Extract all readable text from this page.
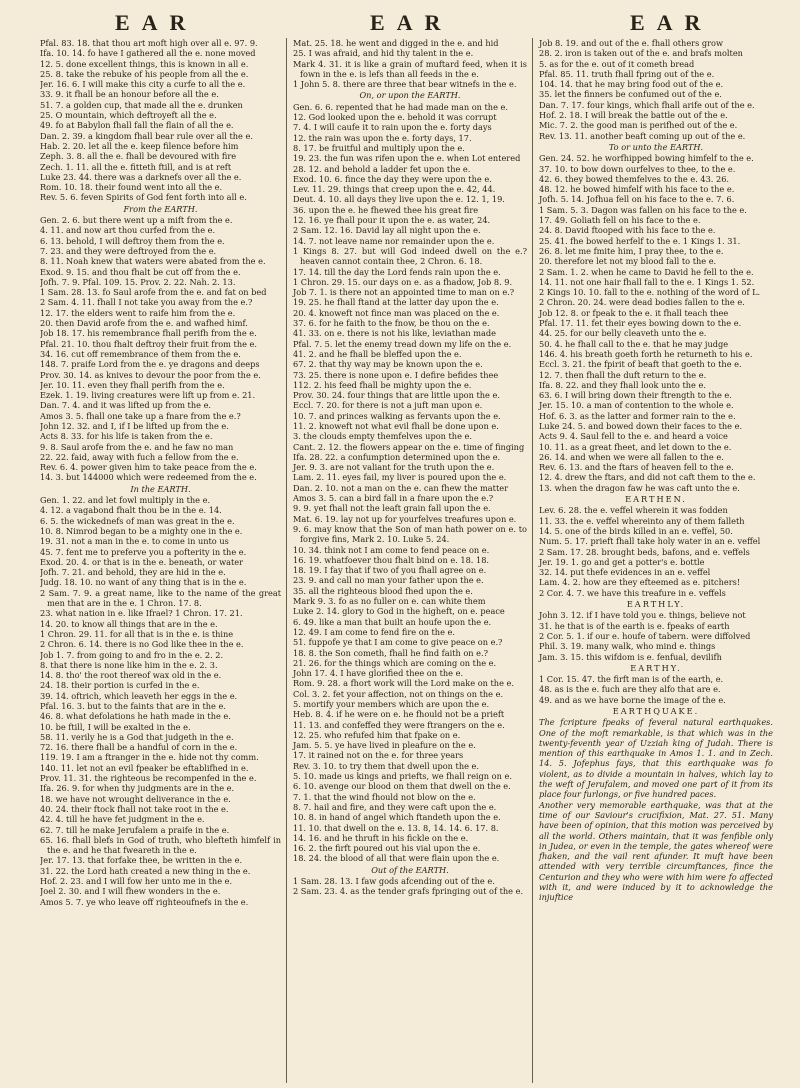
EAR	EAR	EAR

Pfal. 83. 18. that thou art moft high over all e. 97. 9.

Ifa. 10. 14. fo have I gathered all the e. none moved

12. 5. done excellent things, this is known in all e.

25. 8. take the rebuke of his people from all the e.

Jer. 16. 6. I will make this city a curfe to all the e.

33. 9. it fhall be an honour before all the e.

51. 7. a golden cup, that made all the e. drunken

25. O mountain, which deftroyeft all the e.

49. fo at Babylon fhall fall the flain of all the e.

Dan. 2. 39. a kingdom fhall bear rule over all the e.

Hab. 2. 20. let all the e. keep filence before him

Zeph. 3. 8. all the e. fhall be devoured with fire

Zech. 1. 11. all the e. fitteth ftill, and is at reft

Luke 23. 44. there was a darknefs over all the e.

Rom. 10. 18. their found went into all the e.

Rev. 5. 6. feven Spirits of God fent forth into all e.

From the EARTH.

Gen. 2. 6. but there went up a mift from the e.

4. 11. and now art thou curfed from the e.

6. 13. behold, I will deftroy them from the e.

7. 23. and they were deftroyed from the e.

8. 11. Noah knew that waters were abated from the e.

Exod. 9. 15. and thou fhalt be cut off from the e.

Jofh. 7. 9. Pfal. 109. 15. Prov. 2. 22. Nah. 2. 13.

1 Sam. 28. 13. fo Saul arofe from the e. and fat on bed

2 Sam. 4. 11. fhall I not take you away from the e.?

12. 17. the elders went to raife him from the e.

20. then David arofe from the e. and wafhed himf.

Job 18. 17. his remembrance fhall perifh from the e.

Pfal. 21. 10. thou fhalt deftroy their fruit from the e.

34. 16. cut off remembrance of them from the e.

148. 7. praife Lord from the e. ye dragons and deeps

Prov. 30. 14. as knives to devour the poor from the e.

Jer. 10. 11. even they fhall perifh from the e.

Ezek. 1. 19. living creatures were lift up from e. 21.

Dan. 7. 4. and it was lifted up from the e.

Amos 3. 5. fhall one take up a fnare from the e.?

John 12. 32. and I, if I be lifted up from the e.

Acts 8. 33. for his life is taken from the e.

9. 8. Saul arofe from the e. and he faw no man

22. 22. faid, away with fuch a fellow from the e.

Rev. 6. 4. power given him to take peace from the e.

14. 3. but 144000 which were redeemed from the e.

In the EARTH.

Gen. 1. 22. and let fowl multiply in the e.

4. 12. a vagabond fhalt thou be in the e. 14.

6. 5. the wickednefs of man was great in the e.

10. 8. Nimrod began to be a mighty one in the e.

19. 31. not a man in the e. to come in unto us

45. 7. fent me to preferve you a pofterity in the e.

Exod. 20. 4. or that is in the e. beneath, or water

Jofh. 7. 21. and behold, they are hid in the e.

Judg. 18. 10. no want of any thing that is in the e.

2 Sam. 7. 9. a great name, like to the name of the great men that are in the e. 1 Chron. 17. 8.

23. what nation in e. like Ifrael? 1 Chron. 17. 21.

14. 20. to know all things that are in the e.

1 Chron. 29. 11. for all that is in the e. is thine

2 Chron. 6. 14. there is no God like thee in the e.

Job 1. 7. from going to and fro in the e. 2. 2.

8. that there is none like him in the e. 2. 3.

14. 8. tho' the root thereof wax old in the e.

24. 18. their portion is curfed in the e.

39. 14. oftrich, which leaveth her eggs in the e.

Pfal. 16. 3. but to the faints that are in the e.

46. 8. what defolations he hath made in the e.

10. be ftill, I will be exalted in the e.

58. 11. verily he is a God that judgeth in the e.

72. 16. there fhall be a handful of corn in the e.

119. 19. I am a ftranger in the e. hide not thy comm.

140. 11. let not an evil fpeaker be eftablifhed in e.

Prov. 11. 31. the righteous be recompenfed in the e.

Ifa. 26. 9. for when thy judgments are in the e.

18. we have not wrought deliverance in the e.

40. 24. their ftock fhall not take root in the e.

42. 4. till he have fet judgment in the e.

62. 7. till he make Jerufalem a praife in the e.

65. 16. fhall blefs in God of truth, who blefteth himfelf in the e. and he that fweareth in the e.

Jer. 17. 13. that forfake thee, be written in the e.

31. 22. the Lord hath created a new thing in the e.

Hof. 2. 23. and I will fow her unto me in the e.

Joel 2. 30. and I will fhew wonders in the e.

Amos 5. 7. ye who leave off righteoufnefs in the e.

Mat. 25. 18. he went and digged in the e. and hid

25. I was afraid, and hid thy talent in the e.

Mark 4. 31. it is like a grain of muftard feed, when it is fown in the e. is lefs than all feeds in the e.

1 John 5. 8. there are three that bear witnefs in the e.

On, or upon the EARTH.

Gen. 6. 6. repented that he had made man on the e.

12. God looked upon the e. behold it was corrupt

7. 4. I will caufe it to rain upon the e. forty days

12. the rain was upon the e. forty days, 17.

8. 17. be fruitful and multiply upon the e.

19. 23. the fun was rifen upon the e. when Lot entered

28. 12. and behold a ladder fet upon the e.

Exod. 10. 6. fince the day they were upon the e.

Lev. 11. 29. things that creep upon the e. 42, 44.

Deut. 4. 10. all days they live upon the e. 12. 1, 19.

36. upon the e. he fhewed thee his great fire

12. 16. ye fhall pour it upon the e. as water, 24.

2 Sam. 12. 16. David lay all night upon the e.

14. 7. not leave name nor remainder upon the e.

1 Kings 8. 27. but will God indeed dwell on the e.? heaven cannot contain thee, 2 Chron. 6. 18.

17. 14. till the day the Lord fends rain upon the e.

1 Chron. 29. 15. our days on e. as a fhadow, Job 8. 9.

Job 7. 1. is there not an appointed time to man on e.?

19. 25. he fhall ftand at the latter day upon the e.

20. 4. knoweft not fince man was placed on the e.

37. 6. for he faith to the fnow, be thou on the e.

41. 33. on e. there is not his like, leviathan made

Pfal. 7. 5. let the enemy tread down my life on the e.

41. 2. and he fhall be bleffed upon the e.

67. 2. that thy way may be known upon the e.

73. 25. there is none upon e. I defire befides thee

112. 2. his feed fhall be mighty upon the e.

Prov. 30. 24. four things that are little upon the e.

Eccl. 7. 20. for there is not a juft man upon e.

10. 7. and princes walking as fervants upon the e.

11. 2. knoweft not what evil fhall be done upon e.

3. the clouds empty themfelves upon the e.

Cant. 2. 12. the flowers appear on the e. time of finging

Ifa. 28. 22. a confumption determined upon the e.

Jer. 9. 3. are not valiant for the truth upon the e.

Lam. 2. 11. eyes fail, my liver is poured upon the e.

Dan. 2. 10. not a man on the e. can fhew the matter

Amos 3. 5. can a bird fall in a fnare upon the e.?

9. 9. yet fhall not the leaft grain fall upon the e.

Mat. 6. 19. lay not up for yourfelves treafures upon e.

9. 6. may know that the Son of man hath power on e. to forgive fins, Mark 2. 10. Luke 5. 24.

10. 34. think not I am come to fend peace on e.

16. 19. whatfoever thou fhalt bind on e. 18. 18.

18. 19. I fay that if two of you fhall agree on e.

23. 9. and call no man your father upon the e.

35. all the righteous blood fhed upon the e.

Mark 9. 3. fo as no fuller on e. can white them

Luke 2. 14. glory to God in the higheft, on e. peace

6. 49. like a man that built an houfe upon the e.

12. 49. I am come to fend fire on the e.

51. fuppofe ye that I am come to give peace on e.?

18. 8. the Son cometh, fhall he find faith on e.?

21. 26. for the things which are coming on the e.

John 17. 4. I have glorified thee on the e.

Rom. 9. 28. a fhort work will the Lord make on the e.

Col. 3. 2. fet your affection, not on things on the e.

5. mortify your members which are upon the e.

Heb. 8. 4. if he were on e. he fhould not be a prieft

11. 13. and confeffed they were ftrangers on the e.

12. 25. who refufed him that fpake on e.

Jam. 5. 5. ye have lived in pleafure on the e.

17. it rained not on the e. for three years

Rev. 3. 10. to try them that dwell upon the e.

5. 10. made us kings and priefts, we fhall reign on e.

6. 10. avenge our blood on them that dwell on the e.

7. 1. that the wind fhould not blow on the e.

8. 7. hail and fire, and they were caft upon the e.

10. 8. in hand of angel which ftandeth upon the e.

11. 10. that dwell on the e. 13. 8, 14. 14. 6. 17. 8.

14. 16. and he thruft in his fickle on the e.

16. 2. the firft poured out his vial upon the e.

18. 24. the blood of all that were flain upon the e.

Out of the EARTH.

1 Sam. 28. 13. I faw gods afcending out of the e.

2 Sam. 23. 4. as the tender grafs fpringing out of the e.

Job 8. 19. and out of the e. fhall others grow

28. 2. iron is taken out of the e. and brafs molten

5. as for the e. out of it cometh bread

Pfal. 85. 11. truth fhall fpring out of the e.

104. 14. that he may bring food out of the e.

35. let the finners be confumed out of the e.

Dan. 7. 17. four kings, which fhall arife out of the e.

Hof. 2. 18. I will break the battle out of the e.

Mic. 7. 2. the good man is perifhed out of the e.

Rev. 13. 11. another beaft coming up out of the e.

To or unto the EARTH.

Gen. 24. 52. he worfhipped bowing himfelf to the e.

37. 10. to bow down ourfelves to thee, to the e.

42. 6. they bowed themfelves to the e. 43. 26.

48. 12. he bowed himfelf with his face to the e.

Jofh. 5. 14. Jofhua fell on his face to the e. 7. 6.

1 Sam. 5. 3. Dagon was fallen on his face to the e.

17. 49. Goliath fell on his face to the e.

24. 8. David ftooped with his face to the e.

25. 41. fhe bowed herfelf to the e. 1 Kings 1. 31.

26. 8. let me fmite him, I pray thee, to the e.

20. therefore let not my blood fall to the e.

2 Sam. 1. 2. when he came to David he fell to the e.

14. 11. not one hair fhall fall to the e. 1 Kings 1. 52.

2 Kings 10. 10. fall to the e. nothing of the word of L.

2 Chron. 20. 24. were dead bodies fallen to the e.

Job 12. 8. or fpeak to the e. it fhall teach thee

Pfal. 17. 11. fet their eyes bowing down to the e.

44. 25. for our belly cleaveth unto the e.

50. 4. he fhall call to the e. that he may judge

146. 4. his breath goeth forth he returneth to his e.

Eccl. 3. 21. the fpirit of beaft that goeth to the e.

12. 7. then fhall the duft return to the e.

Ifa. 8. 22. and they fhall look unto the e.

63. 6. I will bring down their ftrength to the e.

Jer. 15. 10. a man of contention to the whole e.

Hof. 6. 3. as the latter and former rain to the e.

Luke 24. 5. and bowed down their faces to the e.

Acts 9. 4. Saul fell to the e. and heard a voice

10. 11. as a great fheet, and let down to the e.

26. 14. and when we were all fallen to the e.

Rev. 6. 13. and the ftars of heaven fell to the e.

12. 4. drew the ftars, and did not caft them to the e.

13. when the dragon faw he was caft unto the e.

EARTHEN.

Lev. 6. 28. the e. veffel wherein it was fodden

11. 33. the e. veffel whereinto any of them falleth

14. 5. one of the birds killed in an e. veffel, 50.

Num. 5. 17. prieft fhall take holy water in an e. veffel

2 Sam. 17. 28. brought beds, bafons, and e. veffels

Jer. 19. 1. go and get a potter's e. bottle

32. 14. put thefe evidences in an e. veffel

Lam. 4. 2. how are they efteemed as e. pitchers!

2 Cor. 4. 7. we have this treafure in e. veffels

EARTHLY.

John 3. 12. if I have told you e. things, believe not

31. he that is of the earth is e. fpeaks of earth

2 Cor. 5. 1. if our e. houfe of tabern. were diffolved

Phil. 3. 19. many walk, who mind e. things

Jam. 3. 15. this wifdom is e. fenfual, devilifh

EARTHY.

1 Cor. 15. 47. the firft man is of the earth, e.

48. as is the e. fuch are they alfo that are e.

49. and as we have borne the image of the e.

EARTHQUAKE.

The fcripture fpeaks of feveral natural earthquakes. One of the moft remarkable, is that which was in the twenty-feventh year of Uzziah king of Judah. There is mention of this earthquake in Amos 1. 1. and in Zech. 14. 5. Jofephus fays, that this earthquake was fo violent, as to divide a mountain in halves, which lay to the weft of Jerufalem, and moved one part of it from its place four furlongs, or five hundred paces.

Another very memorable earthquake, was that at the time of our Saviour's crucifixion, Mat. 27. 51. Many have been of opinion, that this motion was perceived by all the world. Others maintain, that it was fenfible only in Judea, or even in the temple, the gates whereof were fhaken, and the vail rent afunder. It muft have been attended with very terrible circumftances, fince the Centurion and they who were with him were fo affected with it, and were induced by it to acknowledge the injuftice
